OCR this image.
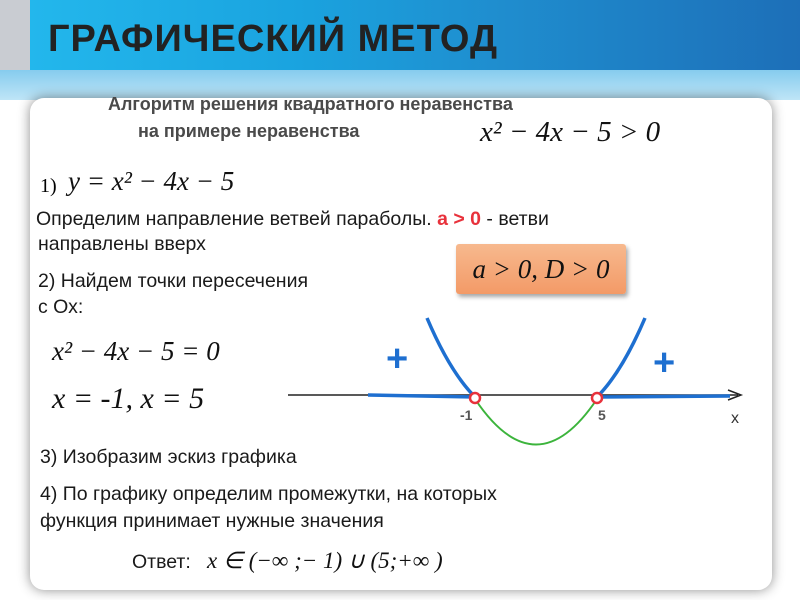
ГРАФИЧЕСКИЙ МЕТОД
Алгоритм решения квадратного неравенства
на примере неравенства	x² − 4x − 5 > 0
1) y = x² − 4x − 5
Определим направление ветвей параболы. a > 0 - ветви
направлены вверх
a > 0, D > 0
2) Найдем точки пересечения
с Ох:
x² − 4x − 5 = 0
x = -1, x = 5	-1	5	х
+	+
3) Изобразим эскиз графика
4) По графику определим промежутки, на которых
функция принимает нужные значения
Ответ: x ∈ (−∞ ;− 1) ∪ (5;+∞ )
